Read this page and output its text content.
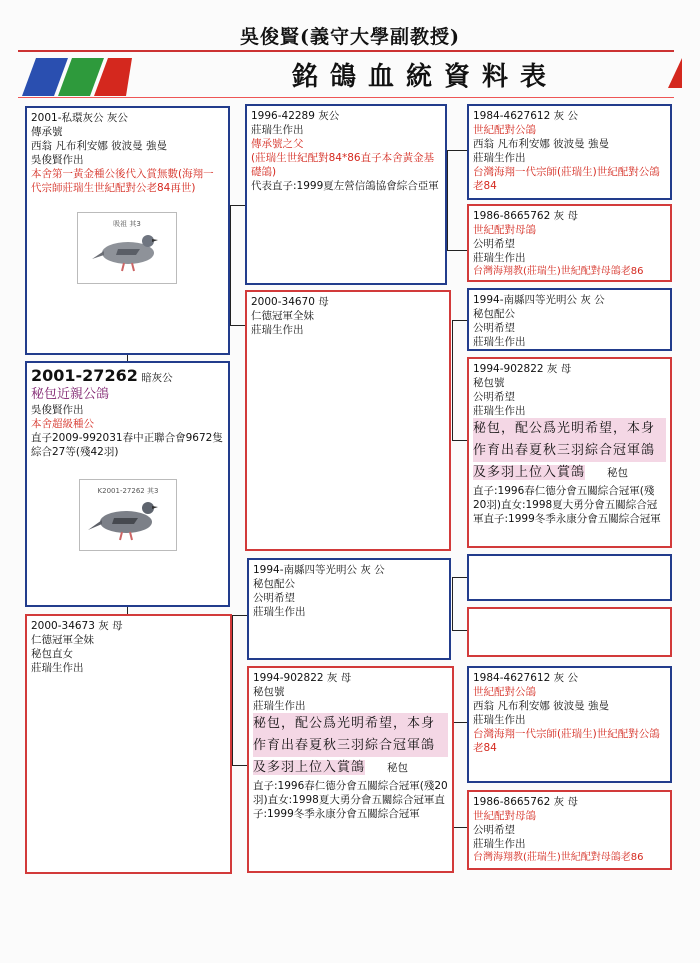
吳俊賢(義守大學副教授)
銘鴿血統資料表
2001-私環灰公 灰公
傳承號
西翁 凡布利安娜 彼波曼 強曼
吳俊賢作出
本舍第一黃金種公後代入賞無數(海翔一代宗師莊瑞生世紀配對公老84再世)
吸祖 其3
2001-27262 暗灰公
秘包近親公鴿
吳俊賢作出
本舍超級種公
直子2009-992031春中正聯合會9672隻綜合27等(殘42羽)
K2001-27262 其3
2000-34673 灰 母
仁德冠軍全妹
秘包直女
莊瑞生作出
1996-42289 灰公
莊瑞生作出
傳承號之父
(莊瑞生世紀配對84*86直子本舍黃金基礎鴿)
代表直子:1999夏左營信鴿協會綜合亞軍
2000-34670 母
仁德冠軍全妹
莊瑞生作出
1994-南縣四等光明公 灰 公
秘包配公
公明希望
莊瑞生作出
1994-902822 灰 母
秘包號
莊瑞生作出
秘包，配公爲光明希望，本身
作育出春夏秋三羽綜合冠軍鴿
及多羽上位入賞鴿 秘包
直子:1996春仁德分會五關綜合冠軍(殘20羽)直女:1998夏大勇分會五關綜合冠軍直子:1999冬季永康分會五關綜合冠軍
1984-4627612 灰 公
世紀配對公鴿
西翁 凡布利安娜 彼波曼 強曼
莊瑞生作出
台灣海翔一代宗師(莊瑞生)世紀配對公鴿老84
1986-8665762 灰 母
世紀配對母鴿
公明希望
莊瑞生作出
台灣海翔教(莊瑞生)世紀配對母鴿老86
1994-南縣四等光明公 灰 公
秘包配公
公明希望
莊瑞生作出
1994-902822 灰 母
秘包號
公明希望
莊瑞生作出
秘包，配公爲光明希望，本身
作育出春夏秋三羽綜合冠軍鴿
及多羽上位入賞鴿 秘包
直子:1996春仁德分會五關綜合冠軍(殘20羽)直女:1998夏大勇分會五關綜合冠軍直子:1999冬季永康分會五關綜合冠軍
1984-4627612 灰 公
世紀配對公鴿
西翁 凡布利安娜 彼波曼 強曼
莊瑞生作出
台灣海翔一代宗師(莊瑞生)世紀配對公鴿老84
1986-8665762 灰 母
世紀配對母鴿
公明希望
莊瑞生作出
台灣海翔教(莊瑞生)世紀配對母鴿老86
